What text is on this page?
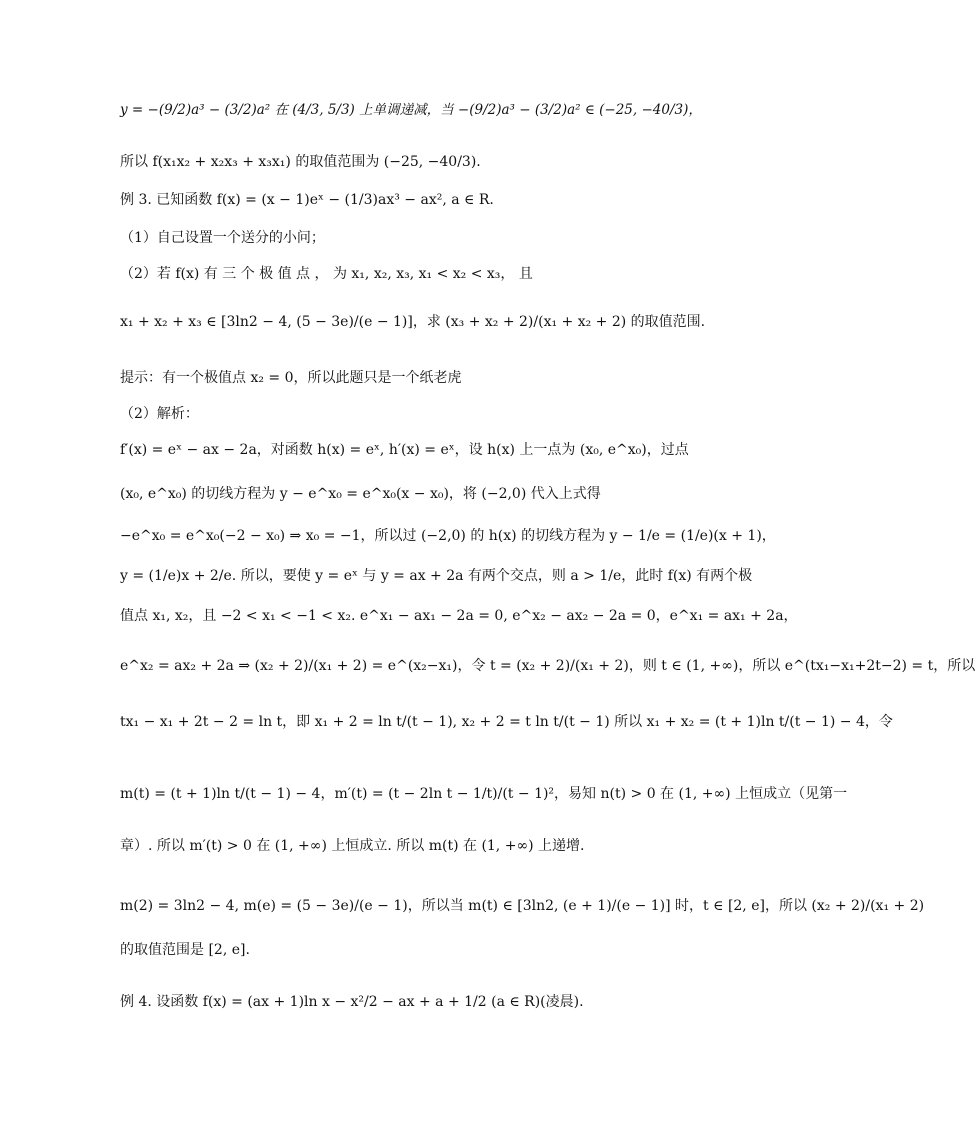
y = −(9/2)a³ − (3/2)a² 在 (4/3, 5/3) 上单调递减，当 −(9/2)a³ − (3/2)a² ∈ (−25, −40/3)，
所以 f(x₁x₂ + x₂x₃ + x₃x₁) 的取值范围为 (−25, −40/3).
例 3. 已知函数 f(x) = (x − 1)eˣ − (1/3)ax³ − ax², a ∈ R.
（1）自己设置一个送分的小问；
（2）若 f(x) 有 三 个 极 值 点 ， 为 x₁, x₂, x₃, x₁ < x₂ < x₃， 且
x₁ + x₂ + x₃ ∈ [3ln2 − 4, (5 − 3e)/(e − 1)]，求 (x₃ + x₂ + 2)/(x₁ + x₂ + 2) 的取值范围.
提示：有一个极值点 x₂ = 0，所以此题只是一个纸老虎
（2）解析：
f′(x) = eˣ − ax − 2a，对函数 h(x) = eˣ, h′(x) = eˣ，设 h(x) 上一点为 (x₀, e^x₀)，过点
(x₀, e^x₀) 的切线方程为 y − e^x₀ = e^x₀(x − x₀)，将 (−2,0) 代入上式得
−e^x₀ = e^x₀(−2 − x₀) ⇒ x₀ = −1，所以过 (−2,0) 的 h(x) 的切线方程为 y − 1/e = (1/e)(x + 1)，
y = (1/e)x + 2/e. 所以，要使 y = eˣ 与 y = ax + 2a 有两个交点，则 a > 1/e，此时 f(x) 有两个极
值点 x₁, x₂，且 −2 < x₁ < −1 < x₂. e^x₁ − ax₁ − 2a = 0, e^x₂ − ax₂ − 2a = 0，e^x₁ = ax₁ + 2a，
e^x₂ = ax₂ + 2a ⇒ (x₂ + 2)/(x₁ + 2) = e^(x₂−x₁)，令 t = (x₂ + 2)/(x₁ + 2)，则 t ∈ (1, +∞)，所以 e^(tx₁−x₁+2t−2) = t，所以
tx₁ − x₁ + 2t − 2 = ln t，即 x₁ + 2 = ln t/(t − 1), x₂ + 2 = t ln t/(t − 1) 所以 x₁ + x₂ = (t + 1)ln t/(t − 1) − 4，令
m(t) = (t + 1)ln t/(t − 1) − 4，m′(t) = (t − 2ln t − 1/t)/(t − 1)²，易知 n(t) > 0 在 (1, +∞) 上恒成立（见第一
章）. 所以 m′(t) > 0 在 (1, +∞) 上恒成立. 所以 m(t) 在 (1, +∞) 上递增.
m(2) = 3ln2 − 4, m(e) = (5 − 3e)/(e − 1)，所以当 m(t) ∈ [3ln2, (e + 1)/(e − 1)] 时，t ∈ [2, e]，所以 (x₂ + 2)/(x₁ + 2)
的取值范围是 [2, e].
例 4. 设函数 f(x) = (ax + 1)ln x − x²/2 − ax + a + 1/2 (a ∈ R)(凌晨).
